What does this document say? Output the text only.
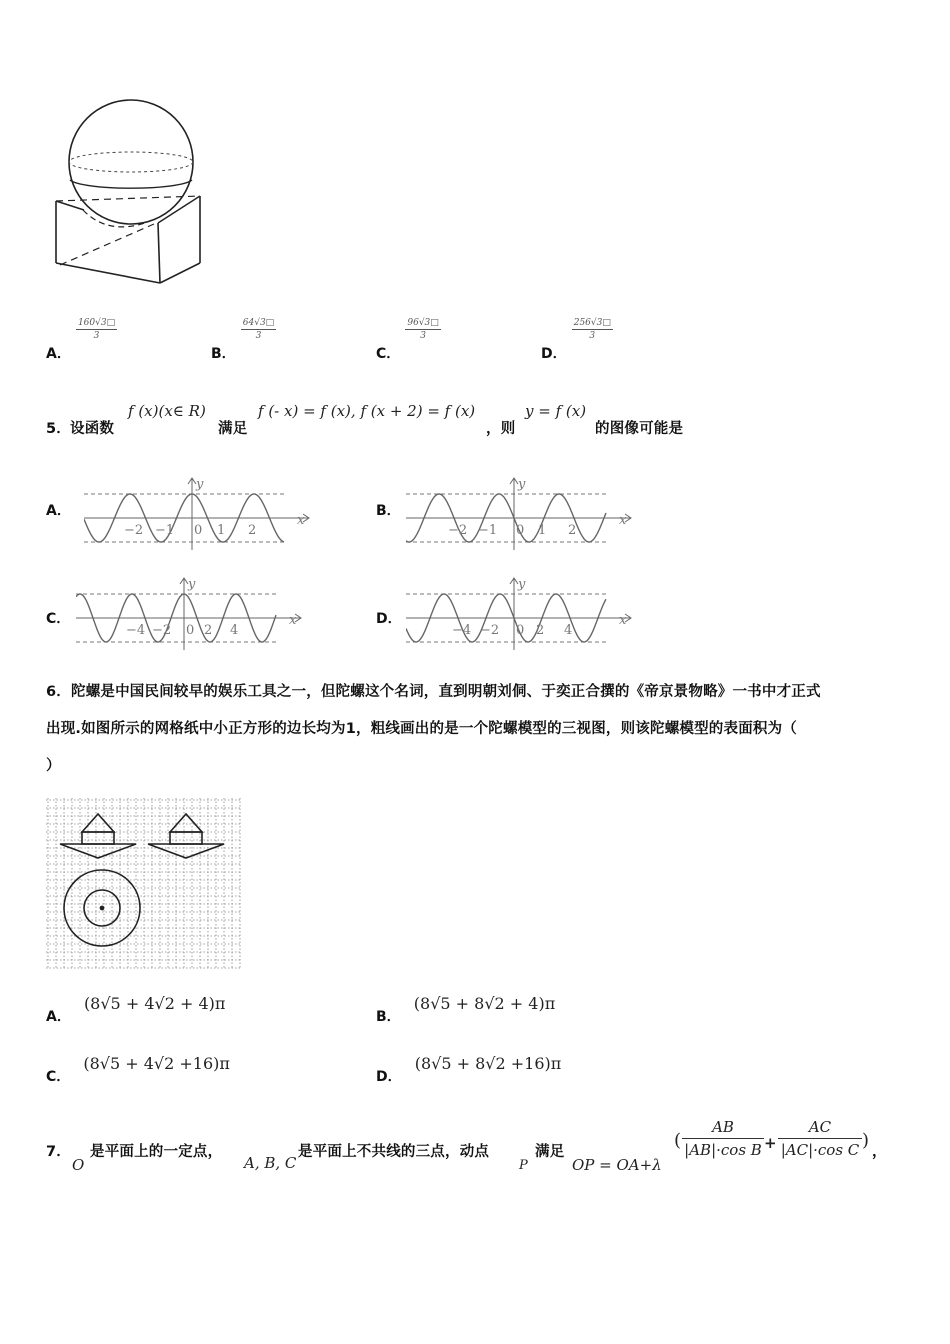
A．
$\frac{160√3□}{3}$
B．
$\frac{64√3□}{3}$
C．
$\frac{96√3□}{3}$
D．
$\frac{256√3□}{3}$
5． 设函数
f (x)(x∈ R)
满足
f (- x) = f (x), f (x + 2) = f (x)
，则
y = f (x)
的图像可能是
A．
−2 −1 0 1 2
x
y
B．
−2 −1 0 1 2
x
y
C．
−4 −2 0 2 4
x
y
D．
−4 −2 0 2 4
x
y
6．陀螺是中国民间较早的娱乐工具之一，但陀螺这个名词，直到明朝刘侗、于奕正合撰的《帝京景物略》一书中才正式
出现.如图所示的网格纸中小正方形的边长均为1，粗线画出的是一个陀螺模型的三视图，则该陀螺模型的表面积为（
）
A． (8√5 + 4√2 + 4)π
B． (8√5 + 8√2 + 4)π
C． (8√5 + 4√2 +16)π
D． (8√5 + 8√2 +16)π
7．
O
是平面上的一定点，
A, B, C
是平面上不共线的三点，动点
P
满足
OP = OA+λ
(
AB
|AB|·cos B +
AC
|AC|·cos C )
，
